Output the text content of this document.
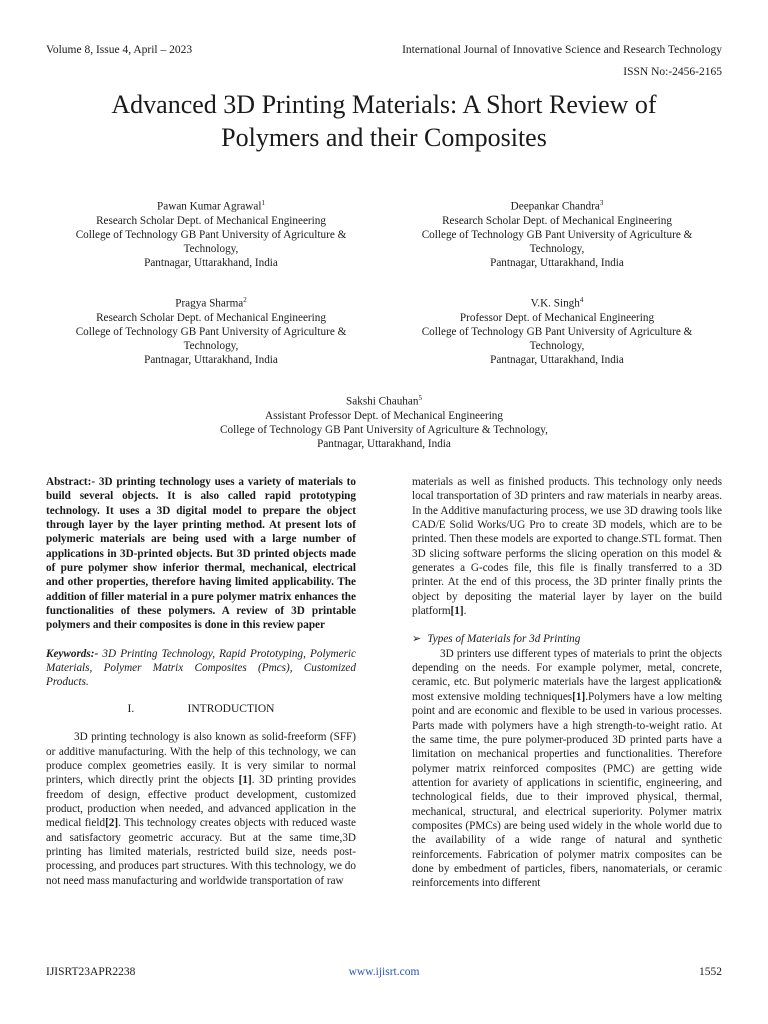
Volume 8, Issue 4, April – 2023	International Journal of Innovative Science and Research Technology
ISSN No:-2456-2165
Advanced 3D Printing Materials: A Short Review of
Polymers and their Composites
Pawan Kumar Agrawal$^1$
Research Scholar Dept. of Mechanical Engineering
College of Technology GB Pant University of Agriculture &
Technology,
Pantnagar, Uttarakhand, India
Deepankar Chandra$^3$
Research Scholar Dept. of Mechanical Engineering
College of Technology GB Pant University of Agriculture &
Technology,
Pantnagar, Uttarakhand, India
Pragya Sharma$^2$
Research Scholar Dept. of Mechanical Engineering
College of Technology GB Pant University of Agriculture &
Technology,
Pantnagar, Uttarakhand, India
V.K. Singh$^4$
Professor Dept. of Mechanical Engineering
College of Technology GB Pant University of Agriculture &
Technology,
Pantnagar, Uttarakhand, India
Sakshi Chauhan$^5$
Assistant Professor Dept. of Mechanical Engineering
College of Technology GB Pant University of Agriculture & Technology,
Pantnagar, Uttarakhand, India

Abstract:- 3D printing technology uses a variety of materials to build several objects. It is also called rapid prototyping technology. It uses a 3D digital model to prepare the object through layer by the layer printing method. At present lots of polymeric materials are being used with a large number of applications in 3D-printed objects. But 3D printed objects made of pure polymer show inferior thermal, mechanical, electrical and other properties, therefore having limited applicability. The addition of filler material in a pure polymer matrix enhances the functionalities of these polymers. A review of 3D printable polymers and their composites is done in this review paper

Keywords:- 3D Printing Technology, Rapid Prototyping, Polymeric Materials, Polymer Matrix Composites (Pmcs), Customized Products.

I.	INTRODUCTION

3D printing technology is also known as solid-freeform (SFF) or additive manufacturing. With the help of this technology, we can produce complex geometries easily. It is very similar to normal printers, which directly print the objects [1]. 3D printing provides freedom of design, effective product development, customized product, production when needed, and advanced application in the medical field[2]. This technology creates objects with reduced waste and satisfactory geometric accuracy. But at the same time,3D printing has limited materials, restricted build size, needs post-processing, and produces part structures. With this technology, we do not need mass manufacturing and worldwide transportation of raw

materials as well as finished products. This technology only needs local transportation of 3D printers and raw materials in nearby areas. In the Additive manufacturing process, we use 3D drawing tools like CAD/E Solid Works/UG Pro to create 3D models, which are to be printed. Then these models are exported to change.STL format. Then 3D slicing software performs the slicing operation on this model & generates a G-codes file, this file is finally transferred to a 3D printer. At the end of this process, the 3D printer finally prints the object by depositing the material layer by layer on the build platform[1].

➢ Types of Materials for 3d Printing

3D printers use different types of materials to print the objects depending on the needs. For example polymer, metal, concrete, ceramic, etc. But polymeric materials have the largest application& most extensive molding techniques[1].Polymers have a low melting point and are economic and flexible to be used in various processes. Parts made with polymers have a high strength-to-weight ratio. At the same time, the pure polymer-produced 3D printed parts have a limitation on mechanical properties and functionalities. Therefore polymer matrix reinforced composites (PMC) are getting wide attention for avariety of applications in scientific, engineering, and technological fields, due to their improved physical, thermal, mechanical, structural, and electrical superiority. Polymer matrix composites (PMCs) are being used widely in the whole world due to the availability of a wide range of natural and synthetic reinforcements. Fabrication of polymer matrix composites can be done by embedment of particles, fibers, nanomaterials, or ceramic reinforcements into different

IJISRT23APR2238	www.ijisrt.com	1552
